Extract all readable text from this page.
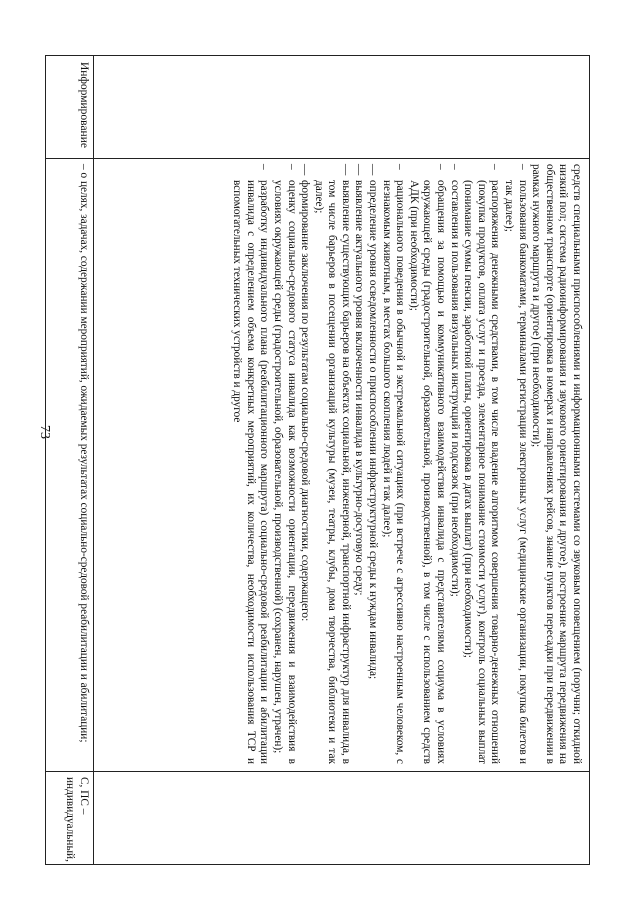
73	средств специальными приспособлениями и информационными системами со звуковым оповещением (поручни; откидной низкий пол; система радиоинформирования и звукового ориентирования и другое), построение маршрута передвижения на общественном транспорте (ориентировка в номерах и направлениях рейсов, знание пунктов пересадки при передвижении в рамках нужного маршрута и другое) (при необходимости);
–
пользования банкоматами, терминалами регистрации электронных услуг (медицинские организации, покупка билетов и так далее);
–
распоряжения денежными средствами, в том числе владение алгоритмом совершения товарно-денежных отношений (покупка продуктов, оплата услуг и проезда, элементарное понимание стоимости услуг), контроль социальных выплат (понимание суммы пенсии, заработной платы, ориентировка в датах выплат) (при необходимости);
–
составления и пользования визуальных инструкций и подсказок (при необходимости);
–
обращения за помощью и коммуникативного взаимодействия инвалида с представителями социума в условиях окружающей среды (градостроительной, образовательной, производственной), в том числе с использованием средств АДК (при необходимости);
–
рационального поведения в обычной и экстремальной ситуациях (при встрече с агрессивно настроенным человеком, с незнакомым животным, в местах большого скопления людей и так далее);
—
определение уровня осведомленности о приспособлении инфраструктурной среды к нуждам инвалида;
—
выявление актуального уровня включенности инвалида в культурно-досуговую среду;
—
выявление существующих барьеров на объектах социальной, инженерной, транспортной инфраструктур для инвалида, в том числе барьеров в посещении организаций культуры (музеи, театры, клубы, дома творчества, библиотеки и так далее);
—
формирование заключения по результатам социально-средовой диагностики, содержащего:
–
оценку социально-средового статуса инвалида как возможности ориентации, передвижения и взаимодействия в условиях окружающей среды (градостроительной, образовательной, производственной) (сохранен, нарушен, утрачен);
–
разработку индивидуального плана (реабилитационного маршрута) социально-средовой реабилитации и абилитации инвалида с определением объема конкретных мероприятий, их количества, необходимости использования ТСР и вспомогательных технических устройств и другое
Информирование
– о целях, задачах, содержании мероприятий, ожидаемых результатах социально-средовой реабилитации и абилитации;
С, ПС – индивидуальный,
